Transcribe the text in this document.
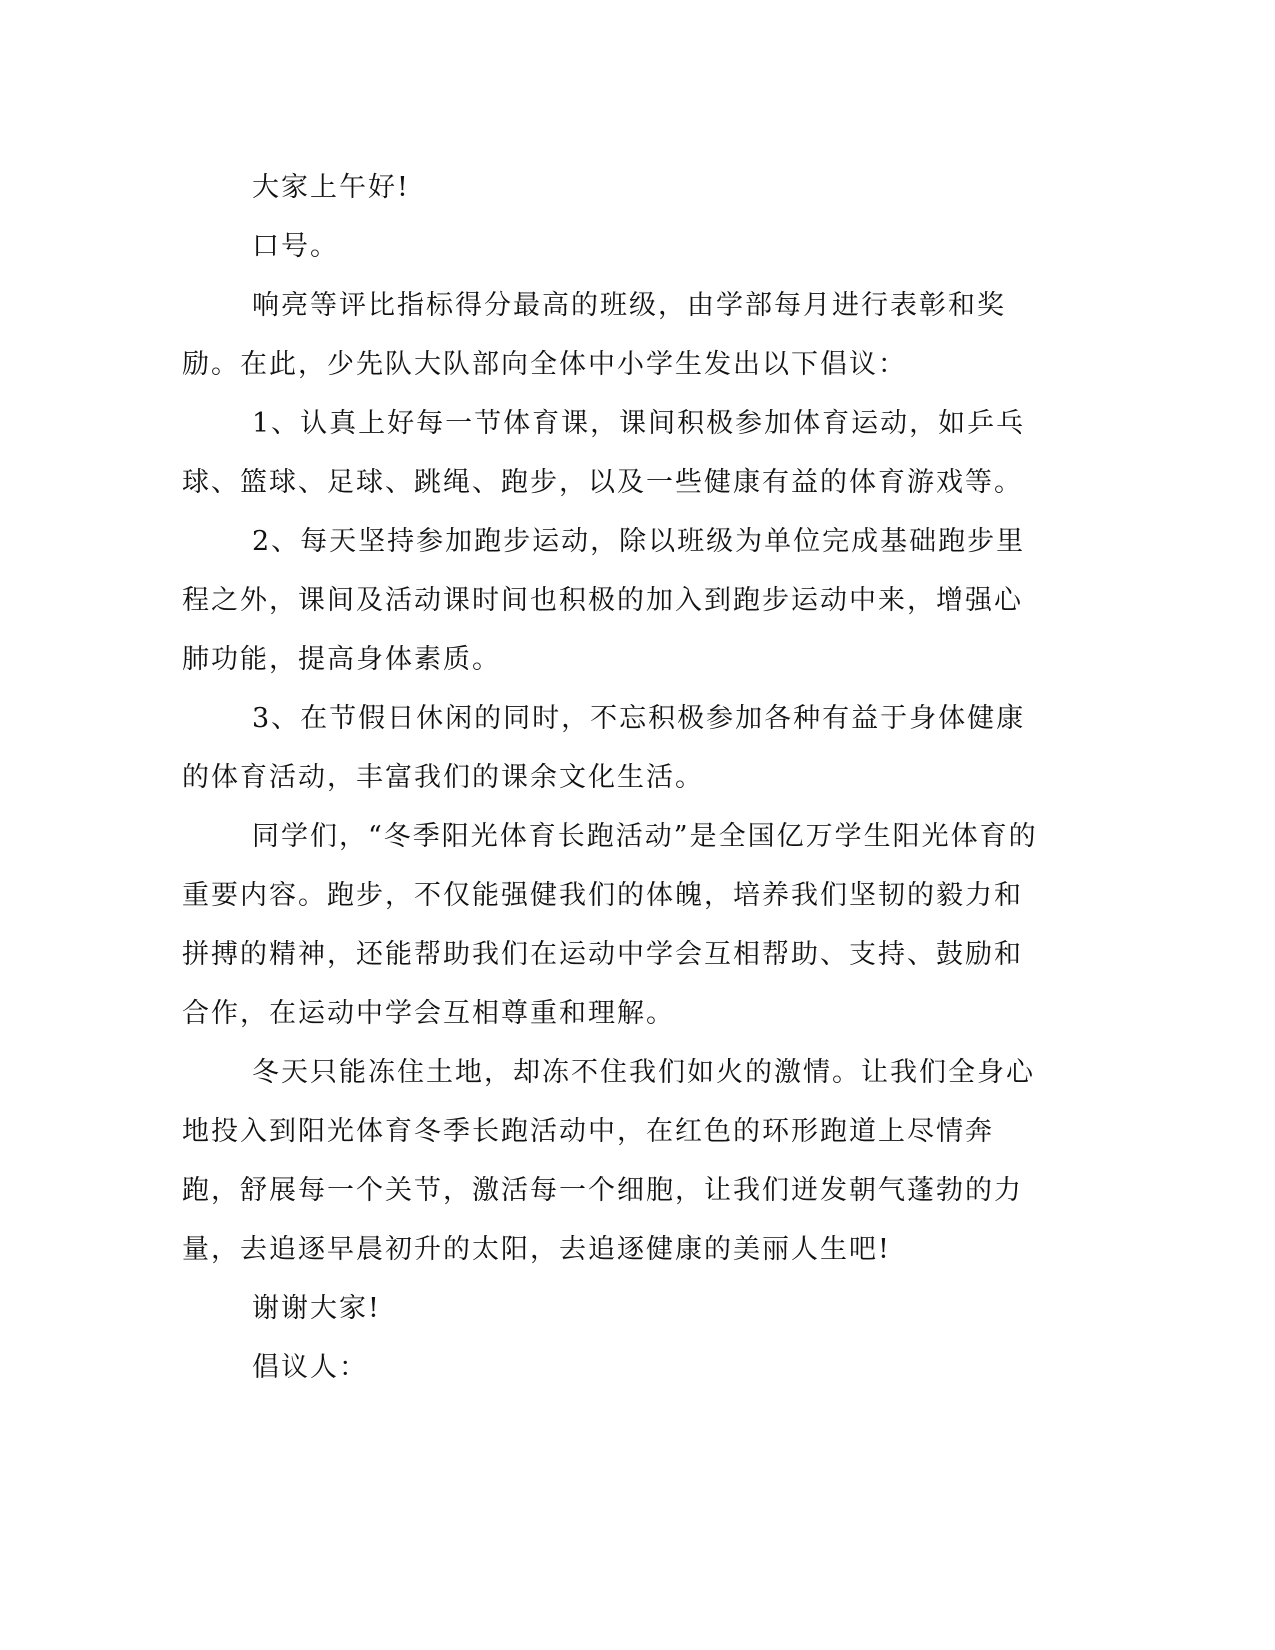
大家上午好!

口号。

响亮等评比指标得分最高的班级，由学部每月进行表彰和奖励。在此，少先队大队部向全体中小学生发出以下倡议：

1、认真上好每一节体育课，课间积极参加体育运动，如乒乓球、篮球、足球、跳绳、跑步，以及一些健康有益的体育游戏等。

2、每天坚持参加跑步运动，除以班级为单位完成基础跑步里程之外，课间及活动课时间也积极的加入到跑步运动中来，增强心肺功能，提高身体素质。

3、在节假日休闲的同时，不忘积极参加各种有益于身体健康的体育活动，丰富我们的课余文化生活。

同学们，“冬季阳光体育长跑活动”是全国亿万学生阳光体育的重要内容。跑步，不仅能强健我们的体魄，培养我们坚韧的毅力和拼搏的精神，还能帮助我们在运动中学会互相帮助、支持、鼓励和合作，在运动中学会互相尊重和理解。

冬天只能冻住土地，却冻不住我们如火的激情。让我们全身心地投入到阳光体育冬季长跑活动中，在红色的环形跑道上尽情奔跑，舒展每一个关节，激活每一个细胞，让我们迸发朝气蓬勃的力量，去追逐早晨初升的太阳，去追逐健康的美丽人生吧!

谢谢大家!

倡议人：
